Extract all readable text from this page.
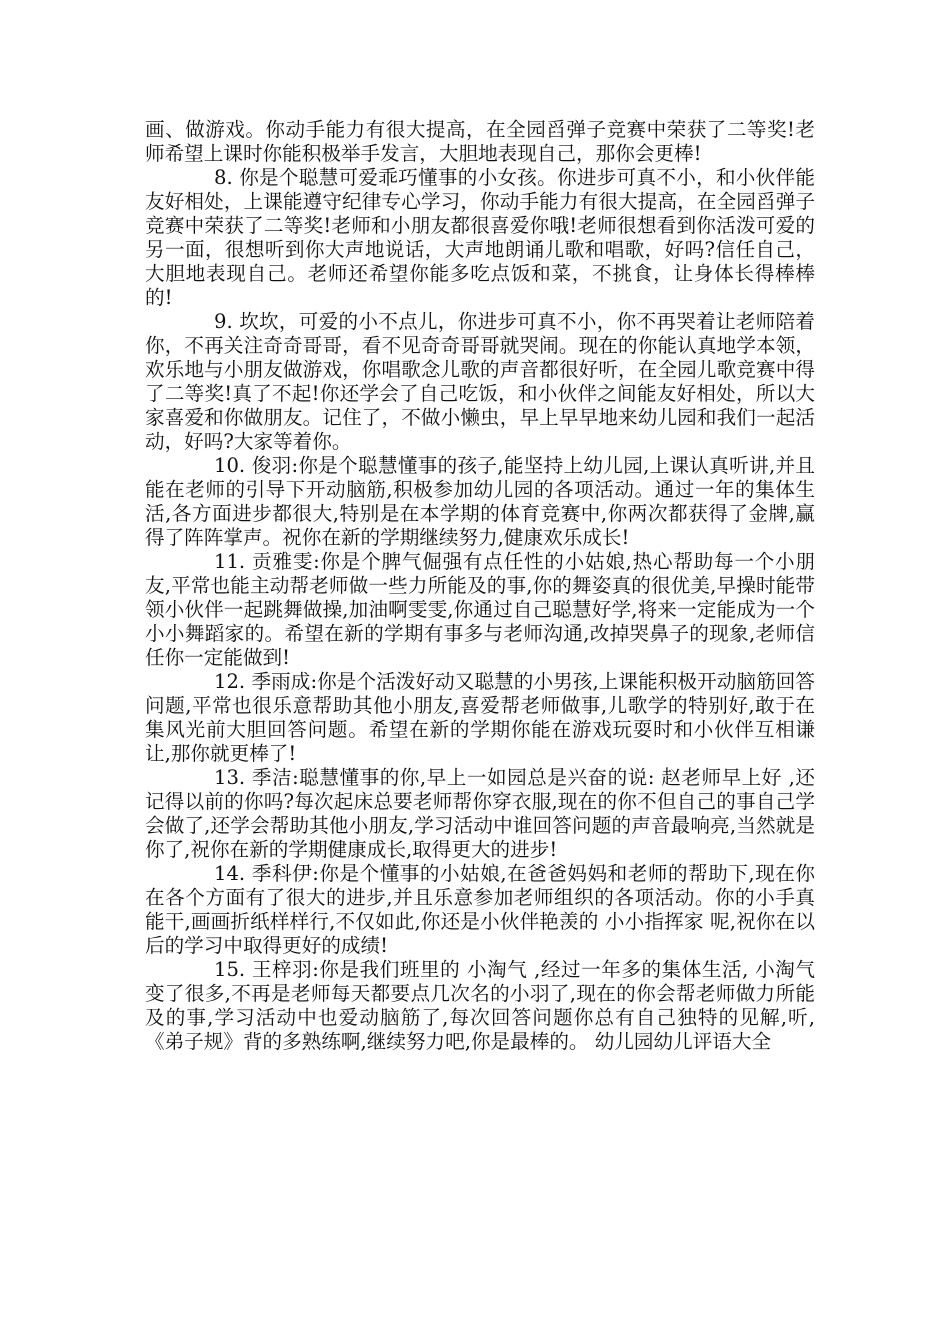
画、做游戏。你动手能力有很大提高，在全园舀弹子竞赛中荣获了二等奖!老师希望上课时你能积极举手发言，大胆地表现自己，那你会更棒!

8. 你是个聪慧可爱乖巧懂事的小女孩。你进步可真不小，和小伙伴能友好相处，上课能遵守纪律专心学习，你动手能力有很大提高，在全园舀弹子竞赛中荣获了二等奖!老师和小朋友都很喜爱你哦!老师很想看到你活泼可爱的另一面，很想听到你大声地说话，大声地朗诵儿歌和唱歌，好吗?信任自己，大胆地表现自己。老师还希望你能多吃点饭和菜，不挑食，让身体长得棒棒的!

9. 坎坎，可爱的小不点儿，你进步可真不小，你不再哭着让老师陪着你，不再关注奇奇哥哥，看不见奇奇哥哥就哭闹。现在的你能认真地学本领，欢乐地与小朋友做游戏，你唱歌念儿歌的声音都很好听，在全园儿歌竞赛中得了二等奖!真了不起!你还学会了自己吃饭，和小伙伴之间能友好相处，所以大家喜爱和你做朋友。记住了，不做小懒虫，早上早早地来幼儿园和我们一起活动，好吗?大家等着你。

10. 俊羽:你是个聪慧懂事的孩子,能坚持上幼儿园,上课认真听讲,并且能在老师的引导下开动脑筋,积极参加幼儿园的各项活动。通过一年的集体生活,各方面进步都很大,特别是在本学期的体育竞赛中,你两次都获得了金牌,赢得了阵阵掌声。祝你在新的学期继续努力,健康欢乐成长!

11. 贡雅雯:你是个脾气倔强有点任性的小姑娘,热心帮助每一个小朋友,平常也能主动帮老师做一些力所能及的事,你的舞姿真的很优美,早操时能带领小伙伴一起跳舞做操,加油啊雯雯,你通过自己聪慧好学,将来一定能成为一个小小舞蹈家的。希望在新的学期有事多与老师沟通,改掉哭鼻子的现象,老师信任你一定能做到!

12. 季雨成:你是个活泼好动又聪慧的小男孩,上课能积极开动脑筋回答问题,平常也很乐意帮助其他小朋友,喜爱帮老师做事,儿歌学的特别好,敢于在集风光前大胆回答问题。希望在新的学期你能在游戏玩耍时和小伙伴互相谦让,那你就更棒了!

13. 季洁:聪慧懂事的你,早上一如园总是兴奋的说: 赵老师早上好 ,还记得以前的你吗?每次起床总要老师帮你穿衣服,现在的你不但自己的事自己学会做了,还学会帮助其他小朋友,学习活动中谁回答问题的声音最响亮,当然就是你了,祝你在新的学期健康成长,取得更大的进步!

14. 季科伊:你是个懂事的小姑娘,在爸爸妈妈和老师的帮助下,现在你在各个方面有了很大的进步,并且乐意参加老师组织的各项活动。你的小手真能干,画画折纸样样行,不仅如此,你还是小伙伴艳羡的 小小指挥家 呢,祝你在以后的学习中取得更好的成绩!

15. 王梓羽:你是我们班里的 小淘气 ,经过一年多的集体生活, 小淘气 变了很多,不再是老师每天都要点几次名的小羽了,现在的你会帮老师做力所能及的事,学习活动中也爱动脑筋了,每次回答问题你总有自己独特的见解,听,《弟子规》背的多熟练啊,继续努力吧,你是最棒的。 幼儿园幼儿评语大全
